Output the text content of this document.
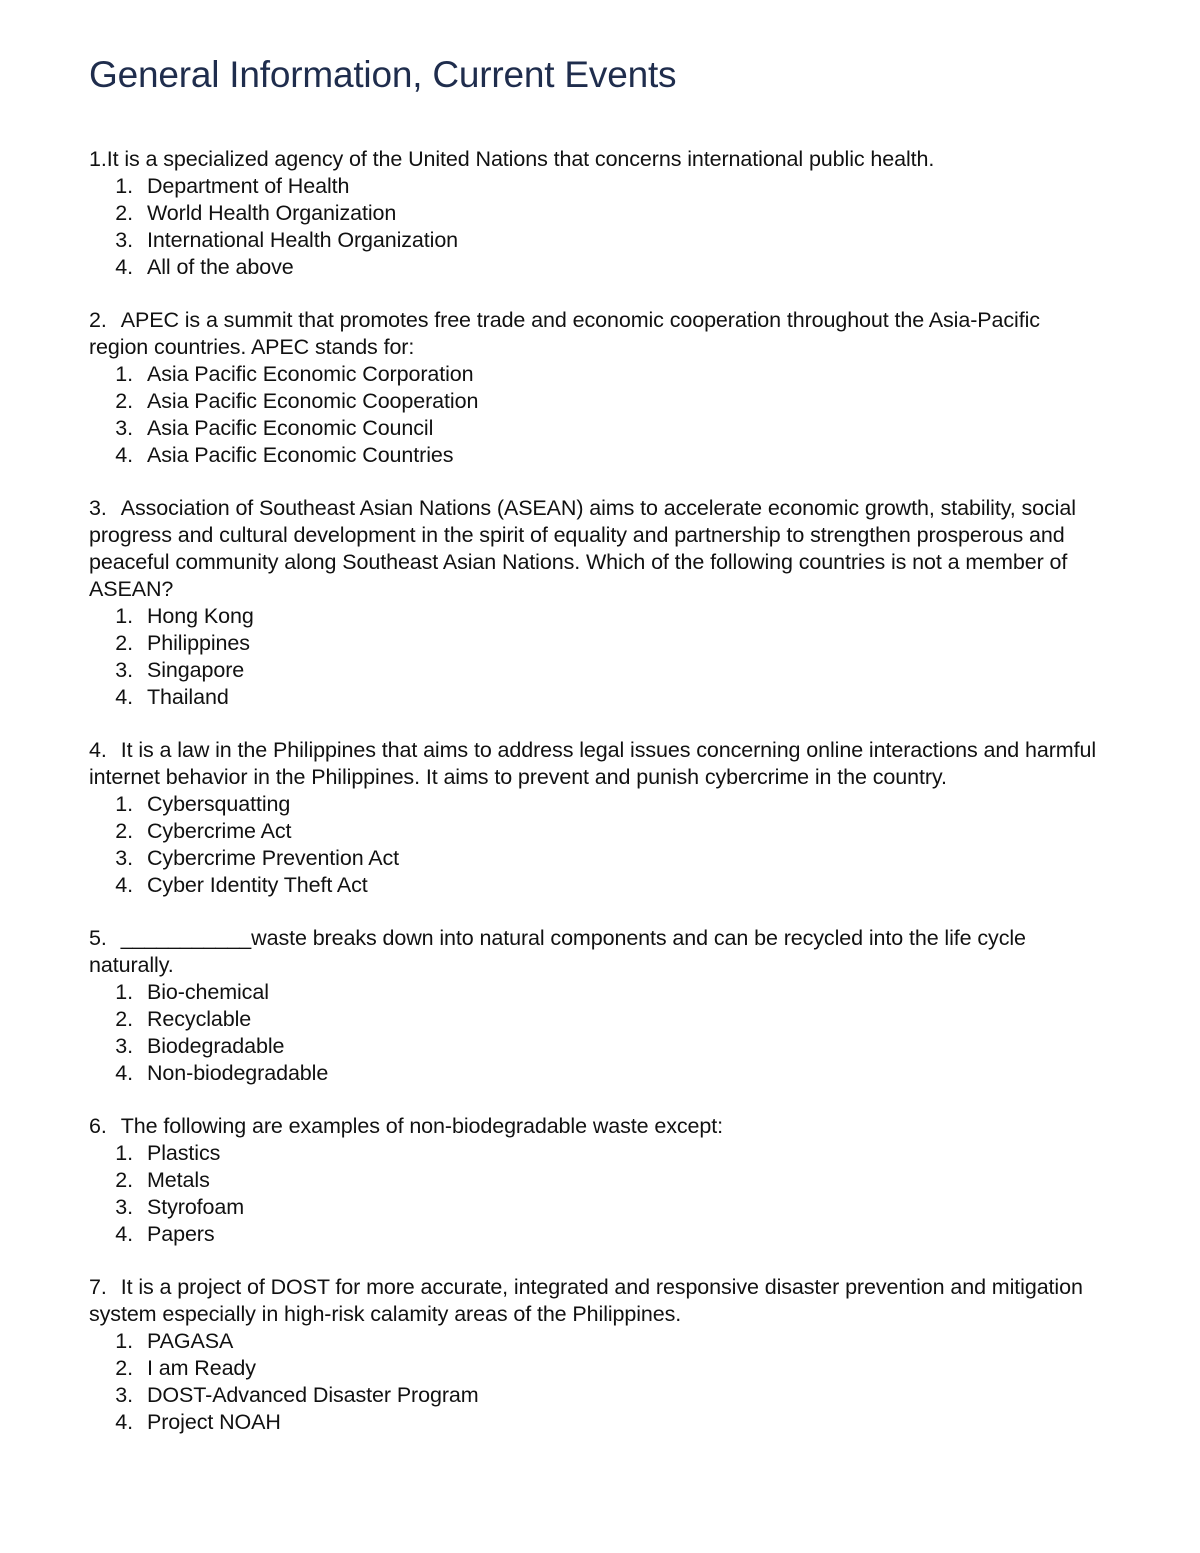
General Information, Current Events

1.It is a specialized agency of the United Nations that concerns international public health.

1. Department of Health
2. World Health Organization
3. International Health Organization
4. All of the above

2. APEC is a summit that promotes free trade and economic cooperation throughout the Asia-Pacific region countries. APEC stands for:

1. Asia Pacific Economic Corporation
2. Asia Pacific Economic Cooperation
3. Asia Pacific Economic Council
4. Asia Pacific Economic Countries

3. Association of Southeast Asian Nations (ASEAN) aims to accelerate economic growth, stability, social progress and cultural development in the spirit of equality and partnership to strengthen prosperous and peaceful community along Southeast Asian Nations. Which of the following countries is not a member of ASEAN?

1. Hong Kong
2. Philippines
3. Singapore
4. Thailand

4. It is a law in the Philippines that aims to address legal issues concerning online interactions and harmful internet behavior in the Philippines. It aims to prevent and punish cybercrime in the country.

1. Cybersquatting
2. Cybercrime Act
3. Cybercrime Prevention Act
4. Cyber Identity Theft Act

5. ___________waste breaks down into natural components and can be recycled into the life cycle naturally.

1. Bio-chemical
2. Recyclable
3. Biodegradable
4. Non-biodegradable

6. The following are examples of non-biodegradable waste except:

1. Plastics
2. Metals
3. Styrofoam
4. Papers

7. It is a project of DOST for more accurate, integrated and responsive disaster prevention and mitigation system especially in high-risk calamity areas of the Philippines.

1. PAGASA
2. I am Ready
3. DOST-Advanced Disaster Program
4. Project NOAH
